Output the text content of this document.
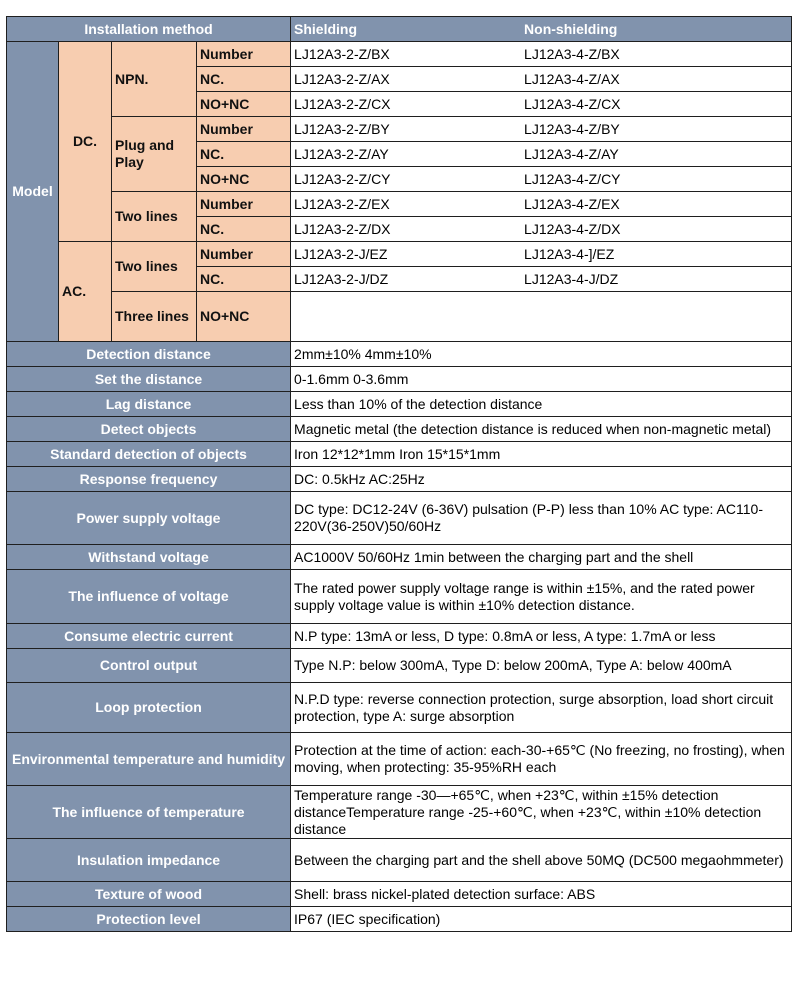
Installation method				Shielding Non-shielding

Model	DC.	NPN.	Number	LJ12A3-2-Z/BX LJ12A3-4-Z/BX

			NC.	LJ12A3-2-Z/AX LJ12A3-4-Z/AX

			NO+NC	LJ12A3-2-Z/CX LJ12A3-4-Z/CX

		Plug and Play	Number	LJ12A3-2-Z/BY LJ12A3-4-Z/BY

			NC.	LJ12A3-2-Z/AY LJ12A3-4-Z/AY

			NO+NC	LJ12A3-2-Z/CY LJ12A3-4-Z/CY

		Two lines	Number	LJ12A3-2-Z/EX LJ12A3-4-Z/EX

			NC.	LJ12A3-2-Z/DX LJ12A3-4-Z/DX

	AC.	Two lines	Number	LJ12A3-2-J/EZ LJ12A3-4-]/EZ

			NC.	LJ12A3-2-J/DZ LJ12A3-4-J/DZ

		Three lines	NO+NC	

Detection distance				2mm±10% 4mm±10%
Set the distance				0-1.6mm 0-3.6mm
Lag distance				Less than 10% of the detection distance
Detect objects				Magnetic metal (the detection distance is reduced when non-magnetic metal)
Standard detection of objects				Iron 12*12*1mm Iron 15*15*1mm
Response frequency				DC: 0.5kHz AC:25Hz
Power supply voltage				DC type: DC12-24V (6-36V) pulsation (P-P) less than 10% AC type: AC110-220V(36-250V)50/60Hz
Withstand voltage				AC1000V 50/60Hz 1min between the charging part and the shell
The influence of voltage				The rated power supply voltage range is within ±15%, and the rated power supply voltage value is within ±10% detection distance.
Consume electric current				N.P type: 13mA or less, D type: 0.8mA or less, A type: 1.7mA or less
Control output				Type N.P: below 300mA, Type D: below 200mA, Type A: below 400mA
Loop protection				N.P.D type: reverse connection protection, surge absorption, load short circuit protection, type A: surge absorption
Environmental temperature and humidity				Protection at the time of action: each-30-+65℃ (No freezing, no frosting), when moving, when protecting: 35-95%RH each
The influence of temperature				Temperature range -30—+65℃, when +23℃, within ±15% detection distanceTemperature range -25-+60℃, when +23℃, within ±10% detection distance
Insulation impedance				Between the charging part and the shell above 50MQ (DC500 megaohmmeter)
Texture of wood				Shell: brass nickel-plated detection surface: ABS
Protection level				IP67 (IEC specification)
